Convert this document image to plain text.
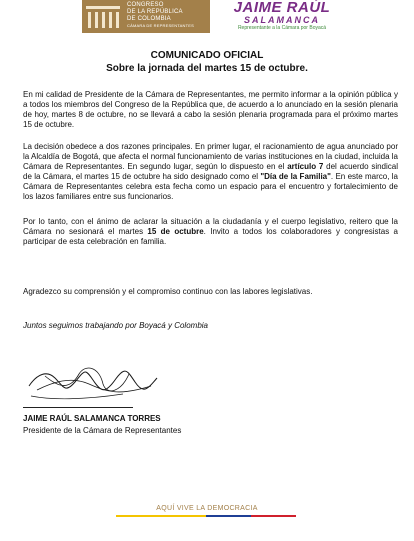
CONGRESO
DE LA REPÚBLICA
DE COLOMBIA
CÁMARA DE REPRESENTANTES
JAIME RAÚL
SALAMANCA
Representante a la Cámara por Boyacá
COMUNICADO OFICIAL
Sobre la jornada del martes 15 de octubre.

En mi calidad de Presidente de la Cámara de Representantes, me permito informar a la opinión pública y a todos los miembros del Congreso de la República que, de acuerdo a lo anunciado en la sesión plenaria de hoy, martes 8 de octubre, no se llevará a cabo la sesión plenaria programada para el próximo martes 15 de octubre.

La decisión obedece a dos razones principales. En primer lugar, el racionamiento de agua anunciado por la Alcaldía de Bogotá, que afecta el normal funcionamiento de varias instituciones en la ciudad, incluida la Cámara de Representantes. En segundo lugar, según lo dispuesto en el artículo 7 del acuerdo sindical de la Cámara, el martes 15 de octubre ha sido designado como el "Día de la Familia". En este marco, la Cámara de Representantes celebra esta fecha como un espacio para el encuentro y fortalecimiento de los lazos familiares entre sus funcionarios.

Por lo tanto, con el ánimo de aclarar la situación a la ciudadanía y el cuerpo legislativo, reitero que la Cámara no sesionará el martes 15 de octubre. Invito a todos los colaboradores y congresistas a participar de esta celebración en familia.

Agradezco su comprensión y el compromiso continuo con las labores legislativas.

Juntos seguimos trabajando por Boyacá y Colombia

JAIME RAÚL SALAMANCA TORRES
Presidente de la Cámara de Representantes
AQUÍ VIVE LA DEMOCRACIA
